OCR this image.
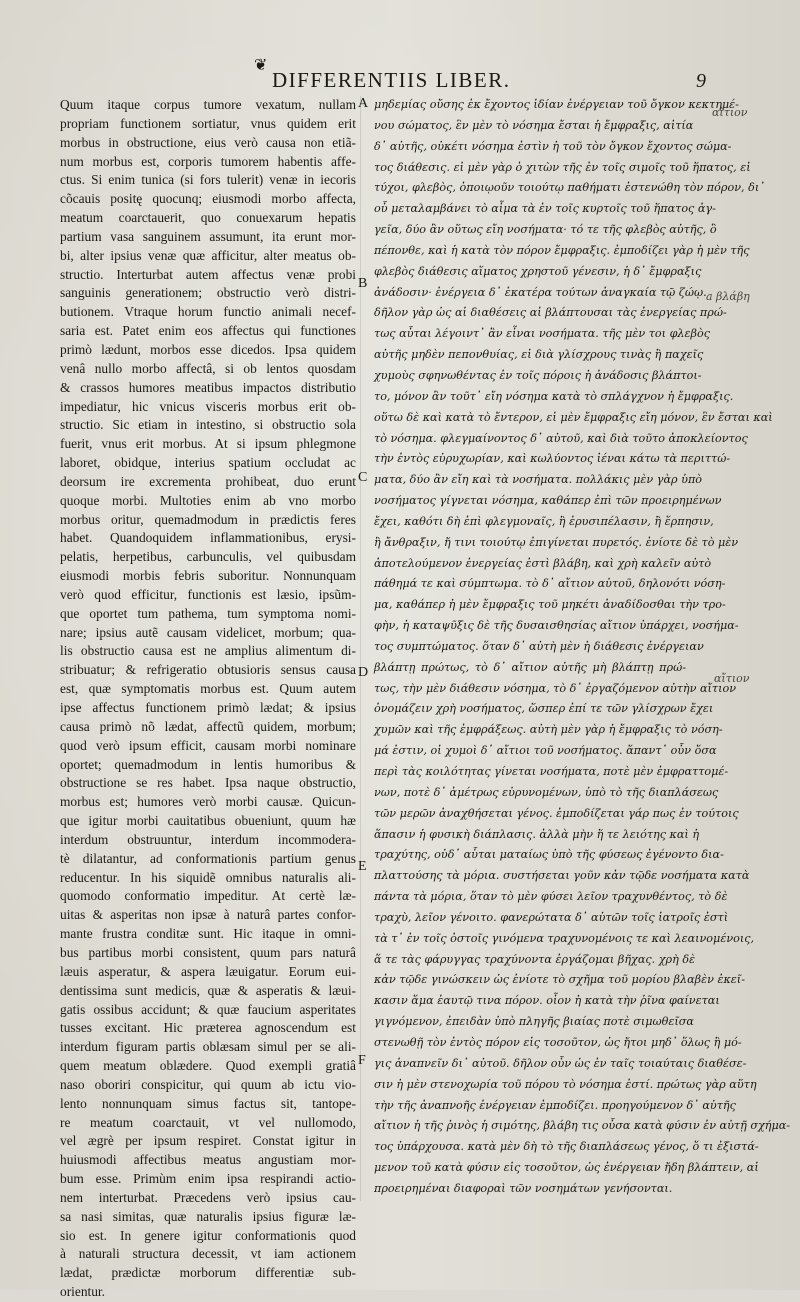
❦
DIFFERENTIIS LIBER.	9
Quum itaque corpus tumore vexatum, nullam
propriam functionem sortiatur, vnus quidem erit
morbus in obstructione, eius verò causa non etiã-
num morbus est, corporis tumorem habentis affe-
ctus. Si enim tunica (si fors tulerit) venæ in iecoris
cõcauis positę quocunq; eiusmodi morbo affecta,
meatum coarctauerit, quo conuexarum hepatis
partium vasa sanguinem assumunt, ita erunt mor-
bi, alter ipsius venæ quæ afficitur, alter meatus ob-
structio. Interturbat autem affectus venæ probi
sanguinis generationem; obstructio verò distri-
butionem. Vtraque horum functio animali necef-
saria est. Patet enim eos affectus qui functiones
primò lædunt, morbos esse dicedos. Ipsa quidem
venâ nullo morbo affectâ, si ob lentos quosdam
& crassos humores meatibus impactos distributio
impediatur, hic vnicus visceris morbus erit ob-
structio. Sic etiam in intestino, si obstructio sola
fuerit, vnus erit morbus. At si ipsum phlegmone
laboret, obidque, interius spatium occludat ac
deorsum ire excrementa prohibeat, duo erunt
quoque morbi. Multoties enim ab vno morbo
morbus oritur, quemadmodum in prædictis feres
habet. Quandoquidem inflammationibus, erysi-
pelatis, herpetibus, carbunculis, vel quibusdam
eiusmodi morbis febris suboritur. Nonnunquam
verò quod efficitur, functionis est læsio, ipsũm-
que oportet tum pathema, tum symptoma nomi-
nare; ipsius autẽ causam videlicet, morbum; qua-
lis obstructio causa est ne amplius alimentum di-
stribuatur; & refrigeratio obtusioris sensus causa
est, quæ symptomatis morbus est. Quum autem
ipse affectus functionem primò lædat; & ipsius
causa primò nõ lædat, affectũ quidem, morbum;
quod verò ipsum efficit, causam morbi nominare
oportet; quemadmodum in lentis humoribus &
obstructione se res habet. Ipsa naque obstructio,
morbus est; humores verò morbi causæ. Quicun-
que igitur morbi cauitatibus obueniunt, quum hæ
interdum obstruuntur, interdum incommodera-
tè dilatantur, ad conformationis partium genus
reducentur. In his siquidẽ omnibus naturalis ali-
quomodo conformatio impeditur. At certè læ-
uitas & asperitas non ipsæ à naturâ partes confor-
mante frustra conditæ sunt. Hic itaque in omni-
bus partibus morbi consistent, quum pars naturâ
læuis asperatur, & aspera læuigatur. Eorum eui-
dentissima sunt medicis, quæ & asperatis & læui-
gatis ossibus accidunt; & quæ faucium asperitates
tusses excitant. Hic præterea agnoscendum est
interdum figuram partis oblæsam simul per se ali-
quem meatum oblædere. Quod exempli gratiâ
naso oboriri conspicitur, qui quum ab ictu vio-
lento nonnunquam simus factus sit, tantope-
re meatum coarctauit, vt vel nullomodo,
vel ægrè per ipsum respiret. Constat igitur in
huiusmodi affectibus meatus angustiam mor-
bum esse. Primùm enim ipsa respirandi actio-
nem interturbat. Præcedens verò ipsius cau-
sa nasi simitas, quæ naturalis ipsius figuræ læ-
sio est. In genere igitur conformationis quod
à naturali structura decessit, vt iam actionem
lædat, prædictæ morborum differentiæ sub-
orientur.
μηδεμίας οὔσης ἐκ ἔχοντος ἰδίαν ἐνέργειαν τοῦ ὄγκον κεκτημέ-
νου σώματος, ἓν μὲν τὸ νόσημα ἔσται ἡ ἔμφραξις, αἰτία
δ᾽ αὐτῆς, οὐκέτι νόσημα ἐστὶν ἡ τοῦ τὸν ὄγκον ἔχοντος σώμα-
τος διάθεσις. εἰ μὲν γὰρ ὁ χιτὼν τῆς ἐν τοῖς σιμοῖς τοῦ ἥπατος, εἰ
τύχοι, φλεβὸς, ὁποιῳοῦν τοιούτῳ παθήματι ἐστενώθη τὸν πόρον, δι᾽
οὗ μεταλαμβάνει τὸ αἷμα τὰ ἐν τοῖς κυρτοῖς τοῦ ἥπατος ἀγ-
γεῖα, δύο ἂν οὕτως εἴη νοσήματα· τό τε τῆς φλεβὸς αὐτῆς, ὃ
πέπονθε, καὶ ἡ κατὰ τὸν πόρον ἔμφραξις. ἐμποδίζει γὰρ ἡ μὲν τῆς
φλεβὸς διάθεσις αἵματος χρηστοῦ γένεσιν, ἡ δ᾽ ἔμφραξις
ἀνάδοσιν· ἐνέργεια δ᾽ ἑκατέρα τούτων ἀναγκαία τῷ ζώῳ.
δῆλον γὰρ ὡς αἱ διαθέσεις αἱ βλάπτουσαι τὰς ἐνεργείας πρώ-
τως αὗται λέγοιντ᾽ ἂν εἶναι νοσήματα. τῆς μὲν τοι φλεβὸς
αὐτῆς μηδὲν πεπονθυίας, εἰ διὰ γλίσχρους τινὰς ἢ παχεῖς
χυμοὺς σφηνωθέντας ἐν τοῖς πόροις ἡ ἀνάδοσις βλάπτοι-
το, μόνον ἂν τοῦτ᾽ εἴη νόσημα κατὰ τὸ σπλάγχνον ἡ ἔμφραξις.
οὕτω δὲ καὶ κατὰ τὸ ἔντερον, εἰ μὲν ἔμφραξις εἴη μόνον, ἓν ἔσται καὶ
τὸ νόσημα. φλεγμαίνοντος δ᾽ αὐτοῦ, καὶ διὰ τοῦτο ἀποκλείοντος
τὴν ἐντὸς εὐρυχωρίαν, καὶ κωλύοντος ἰέναι κάτω τὰ περιττώ-
ματα, δύο ἂν εἴη καὶ τὰ νοσήματα. πολλάκις μὲν γὰρ ὑπὸ
νοσήματος γίγνεται νόσημα, καθάπερ ἐπὶ τῶν προειρημένων
ἔχει, καθότι δὴ ἐπὶ φλεγμοναῖς, ἢ ἐρυσιπέλασιν, ἢ ἕρπησιν,
ἢ ἄνθραξιν, ἤ τινι τοιούτῳ ἐπιγίνεται πυρετός. ἐνίοτε δὲ τὸ μὲν
ἀποτελούμενον ἐνεργείας ἐστὶ βλάβη, καὶ χρὴ καλεῖν αὐτὸ
πάθημά τε καὶ σύμπτωμα. τὸ δ᾽ αἴτιον αὐτοῦ, δηλονότι νόση-
μα, καθάπερ ἡ μὲν ἔμφραξις τοῦ μηκέτι ἀναδίδοσθαι τὴν τρο-
φὴν, ἡ καταψῦξις δὲ τῆς δυσαισθησίας αἴτιον ὑπάρχει, νοσήμα-
τος συμπτώματος. ὅταν δ᾽ αὐτὴ μὲν ἡ διάθεσις ἐνέργειαν
βλάπτῃ πρώτως, τὸ δ᾽ αἴτιον αὐτῆς μὴ βλάπτῃ πρώ-
τως, τὴν μὲν διάθεσιν νόσημα, τὸ δ᾽ ἐργαζόμενον αὐτὴν αἴτιον
ὀνομάζειν χρὴ νοσήματος, ὥσπερ ἐπί τε τῶν γλίσχρων ἔχει
χυμῶν καὶ τῆς ἐμφράξεως. αὐτὴ μὲν γὰρ ἡ ἔμφραξις τὸ νόση-
μά ἐστιν, οἱ χυμοὶ δ᾽ αἴτιοι τοῦ νοσήματος. ἅπαντ᾽ οὖν ὅσα
περὶ τὰς κοιλότητας γίνεται νοσήματα, ποτὲ μὲν ἐμφραττομέ-
νων, ποτὲ δ᾽ ἀμέτρως εὐρυνομένων, ὑπὸ τὸ τῆς διαπλάσεως
τῶν μερῶν ἀναχθήσεται γένος. ἐμποδίζεται γάρ πως ἐν τούτοις
ἅπασιν ἡ φυσικὴ διάπλασις. ἀλλὰ μὴν ἥ τε λειότης καὶ ἡ
τραχύτης, οὐδ᾽ αὗται ματαίως ὑπὸ τῆς φύσεως ἐγένοντο δια-
πλαττούσης τὰ μόρια. συστήσεται γοῦν κἀν τῷδε νοσήματα κατὰ
πάντα τὰ μόρια, ὅταν τὸ μὲν φύσει λεῖον τραχυνθέντος, τὸ δὲ
τραχὺ, λεῖον γένοιτο. φανερώτατα δ᾽ αὐτῶν τοῖς ἰατροῖς ἐστὶ
τὰ τ᾽ ἐν τοῖς ὀστοῖς γινόμενα τραχυνομένοις τε καὶ λεαινομένοις,
ἅ τε τὰς φάρυγγας τραχύνοντα ἐργάζομαι βῆχας. χρὴ δὲ
κἀν τῷδε γινώσκειν ὡς ἐνίοτε τὸ σχῆμα τοῦ μορίου βλαβὲν ἐκεῖ-
κασιν ἅμα ἑαυτῷ τινα πόρον. οἷον ἡ κατὰ τὴν ῥῖνα φαίνεται
γιγνόμενον, ἐπειδὰν ὑπὸ πληγῆς βιαίας ποτὲ σιμωθεῖσα
στενωθῇ τὸν ἐντὸς πόρον εἰς τοσοῦτον, ὡς ἤτοι μηδ᾽ ὅλως ἢ μό-
γις ἀναπνεῖν δι᾽ αὐτοῦ. δῆλον οὖν ὡς ἐν ταῖς τοιαύταις διαθέσε-
σιν ἡ μὲν στενοχωρία τοῦ πόρου τὸ νόσημα ἐστί. πρώτως γὰρ αὕτη
τὴν τῆς ἀναπνοῆς ἐνέργειαν ἐμποδίζει. προηγούμενον δ᾽ αὐτῆς
αἴτιον ἡ τῆς ῥινὸς ἡ σιμότης, βλάβη τις οὖσα κατὰ φύσιν ἐν αὐτῇ σχήμα-
τος ὑπάρχουσα. κατὰ μὲν δὴ τὸ τῆς διαπλάσεως γένος, ὅ τι ἐξιστά-
μενον τοῦ κατὰ φύσιν εἰς τοσοῦτον, ὡς ἐνέργειαν ἤδη βλάπτειν, αἱ
προειρημέναι διαφοραὶ τῶν νοσημάτων γενήσονται.
A
B
C
D
E
F
αἴτιον
a βλάβη
αἴτιον
